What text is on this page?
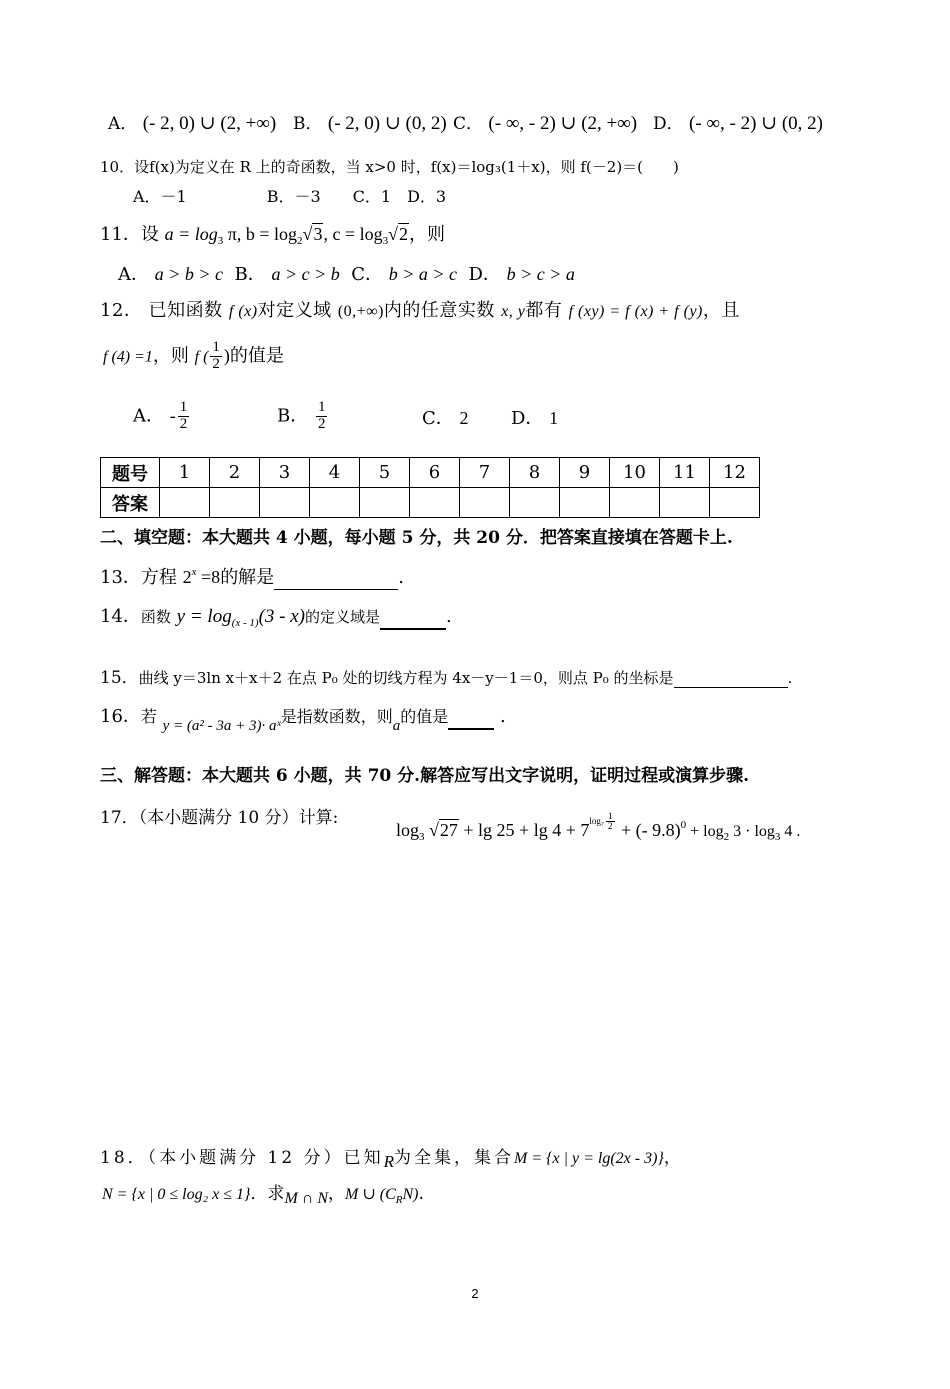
A． (- 2, 0) ∪ (2, +∞) B． (- 2, 0) ∪ (0, 2) C． (- ∞, - 2) ∪ (2, +∞) D． (- ∞, - 2) ∪ (0, 2)
10．设f(x)为定义在 R 上的奇函数，当 x>0 时，f(x)＝log₃(1＋x)，则 f(－2)＝(　　)
A．－1　　　　　B．－3　　C．1　D．3
11．设 $a = \log_3 \pi$, $b = \log_2√3$, $c = \log_3√2$，则
A． a > b > c B． a > c > b C． b > a > c D． b > c > a
12． 已知函数 f (x)对定义域 (0,+∞)内的任意实数 x, y都有 f (xy) = f (x) + f (y)，且
f (4) =1，则 f ( $\frac{1}{2}$ )的值是
A． - $\frac{1}{2}$	B． $\frac{1}{2}$	C． 2 D． 1
题号	1	2	3	4	5	6	7	8	9	10	11	12
答案												
二、填空题：本大题共 4 小题，每小题 5 分，共 20 分．把答案直接填在答题卡上.
13．方程 $2^x =8$的解是	.
14．函数 $y = \log_{(x - 1)}(3 - x)$的定义域是	.
15．曲线 y＝3ln x＋x＋2 在点 P₀ 处的切线方程为 4x－y－1＝0，则点 P₀ 的坐标是	.
16．若 $_{y = (a^2 - 3a + 3)\cdot aˣ}$是指数函数，则$_a$的值是	.
三、解答题：本大题共 6 小题，共 70 分.解答应写出文字说明，证明过程或演算步骤.
17．（本小题满分 10 分）计算:
$\log_3 √27 + \lg 25 + \lg 4 + 7\log_7 \frac{1}{2}$ + (- $9.8)^0 + \log_2 3 \cdot \log_3 4$ .
18．（本小题满分 12 分）已知R为全集，集合M = {x | y = lg(2x - 3)}，
N = {x | 0 ≤ log₂ x ≤ 1}．求M ∩ N，M ∪ $(C_RN)$.
2
